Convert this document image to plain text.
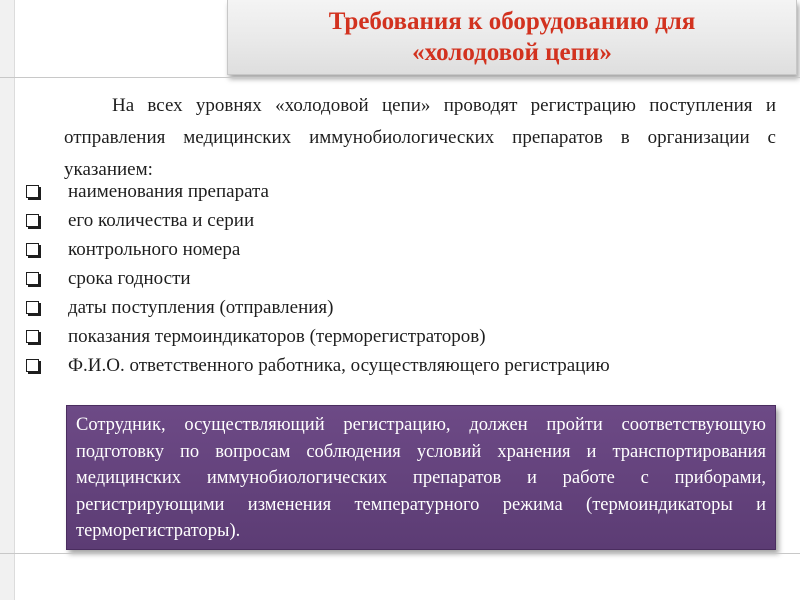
Требования к оборудованию для
«холодовой цепи»
На всех уровнях «холодовой цепи» проводят регистрацию поступления и отправления медицинских иммунобиологических препаратов в организации с указанием:
наименования препарата
его количества и серии
контрольного номера
срока годности
даты поступления (отправления)
показания термоиндикаторов (терморегистраторов)
Ф.И.О. ответственного работника, осуществляющего регистрацию
Сотрудник, осуществляющий регистрацию, должен пройти соответствующую подготовку по вопросам соблюдения условий хранения и транспортирования медицинских иммунобиологических препаратов и работе с приборами, регистрирующими изменения температурного режима (термоиндикаторы и терморегистраторы).
